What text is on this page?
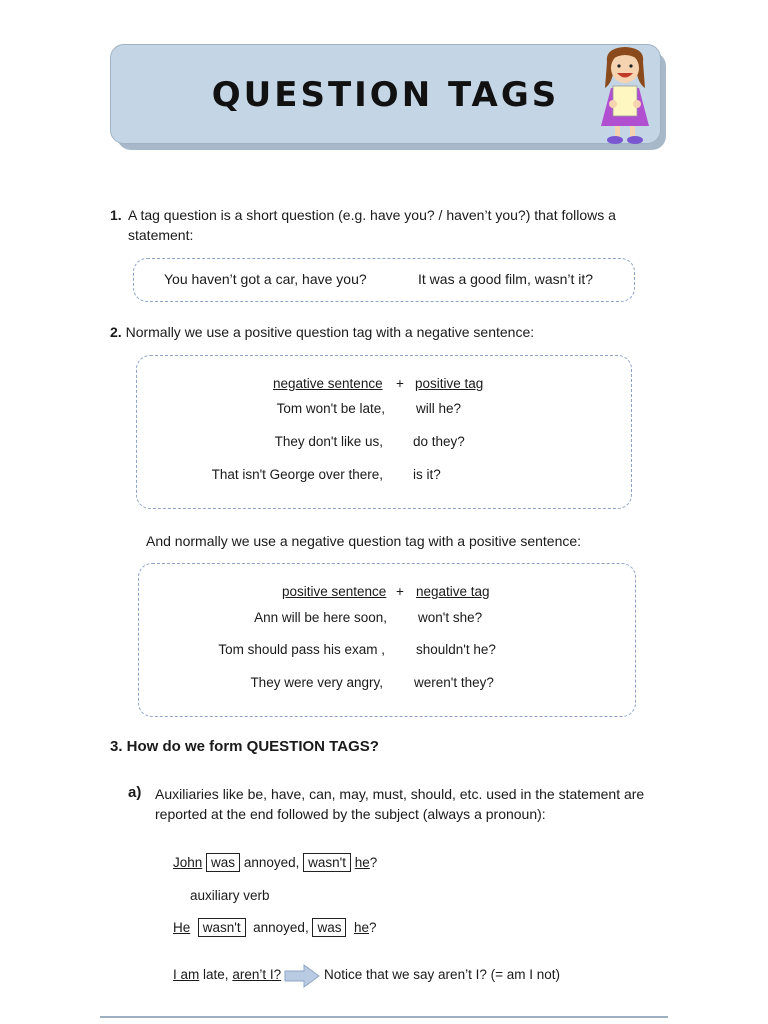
QUESTION TAGS
1. A tag question is a short question (e.g. have you? / haven’t you?) that follows a statement:
You haven’t got a car, have you?	It was a good film, wasn’t it?
2. Normally we use a positive question tag with a negative sentence:
negative sentence + positive tag
Tom won't be late, will he?
They don't like us, do they?
That isn't George over there, is it?
And normally we use a negative question tag with a positive sentence:
positive sentence + negative tag
Ann will be here soon, won't she?
Tom should pass his exam , shouldn't he?
They were very angry, weren't they?
3. How do we form QUESTION TAGS?
a) Auxiliaries like be, have, can, may, must, should, etc. used in the statement are reported at the end followed by the subject (always a pronoun):
John was annoyed, wasn't he?
auxiliary verb
He wasn't annoyed, was he?
I am late, aren’t I?	Notice that we say aren’t I? (= am I not)
